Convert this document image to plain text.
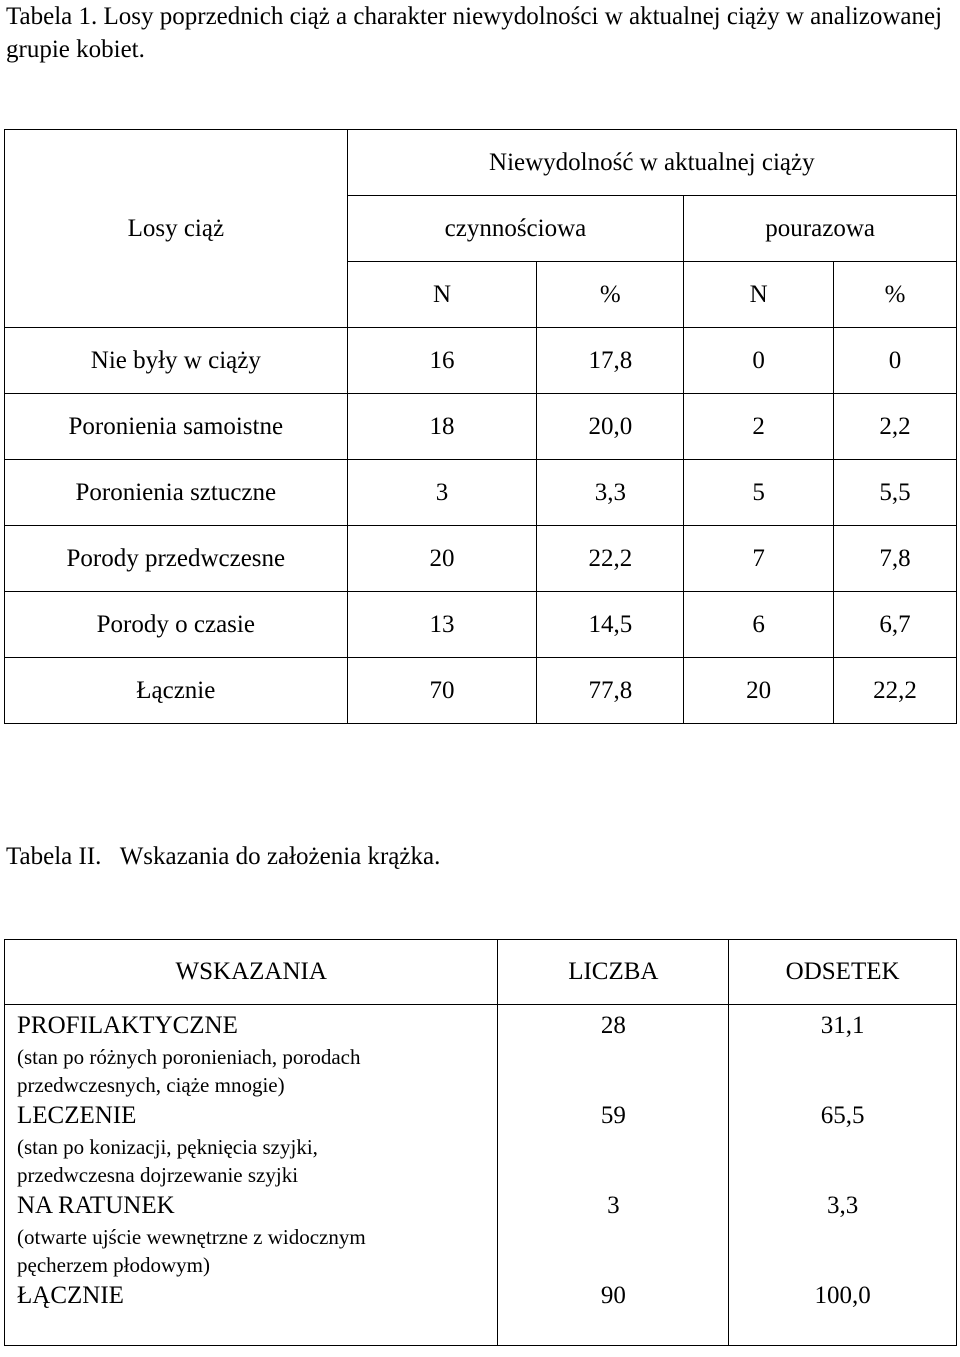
Tabela 1. Losy poprzednich ciąż a charakter niewydolności w aktualnej ciąży w analizowanej grupie kobiet.
Losy ciąż	Niewydolność w aktualnej ciąży			
	czynnościowa		pourazowa	
	N	%	N	%
Nie były w ciąży	16	17,8	0	0
Poronienia samoistne	18	20,0	2	2,2
Poronienia sztuczne	3	3,3	5	5,5
Porody przedwczesne	20	22,2	7	7,8
Porody o czasie	13	14,5	6	6,7
Łącznie	70	77,8	20	22,2
Tabela II.   Wskazania do założenia krążka.
WSKAZANIA	LICZBA	ODSETEK

PROFILAKTYCZNE
(stan po różnych poronieniach, porodach
przedwczesnych, ciąże mnogie)	28	31,1

LECZENIE
(stan po konizacji, pęknięcia szyjki,
przedwczesna dojrzewanie szyjki	59	65,5

NA RATUNEK
(otwarte ujście wewnętrzne z widocznym
pęcherzem płodowym)	3	3,3

ŁĄCZNIE	90	100,0
